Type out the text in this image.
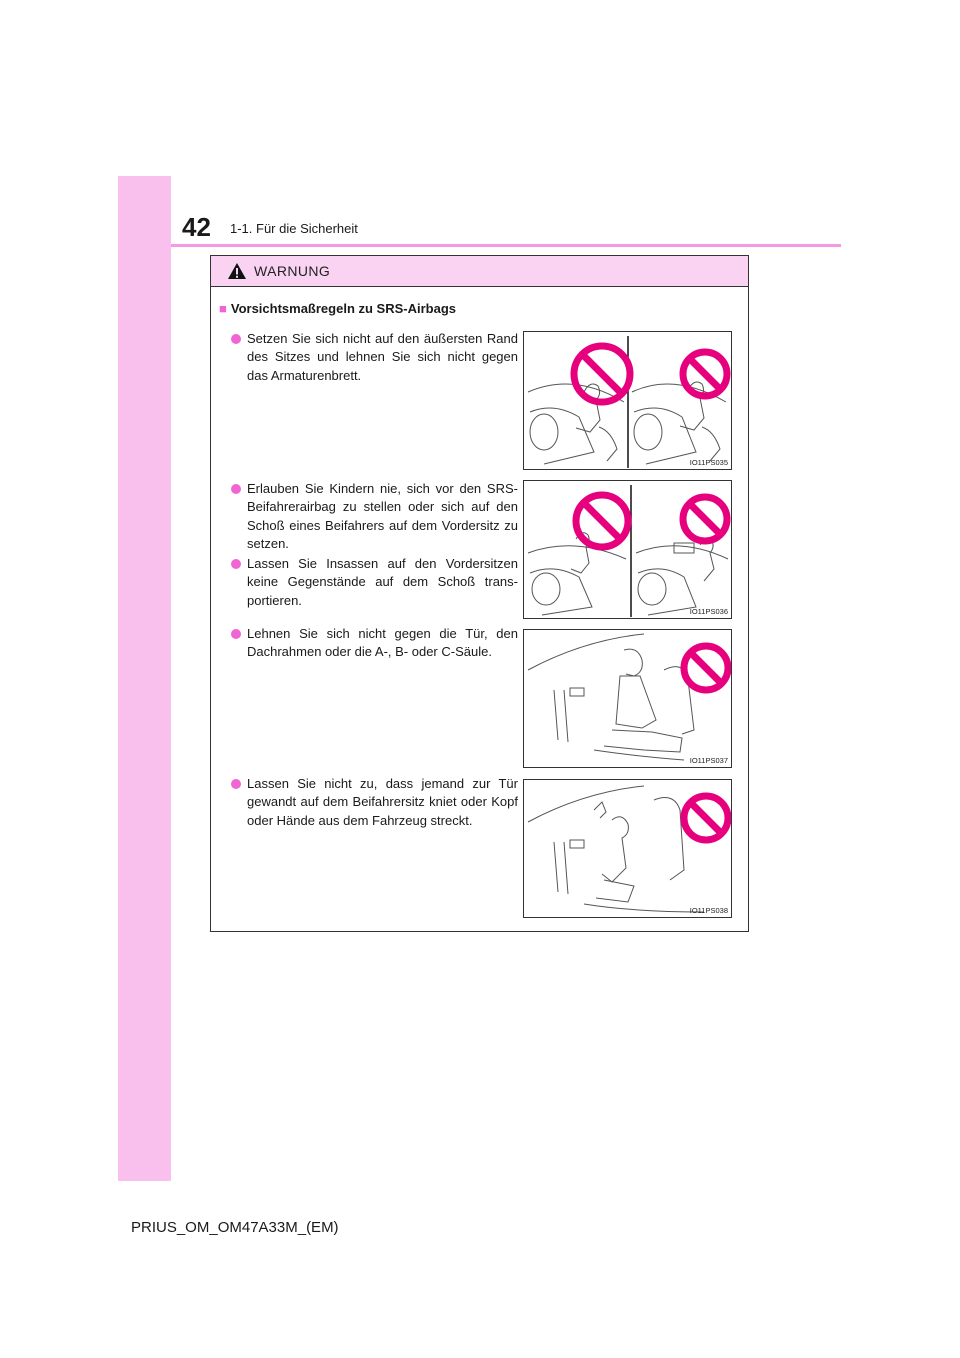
42 1-1. Für die Sicherheit
WARNUNG
■ Vorsichtsmaßregeln zu SRS-Airbags
Setzen Sie sich nicht auf den äußersten Rand des Sitzes und lehnen Sie sich nicht gegen das Armaturenbrett.
Erlauben Sie Kindern nie, sich vor den SRS-Beifahrerairbag zu stellen oder sich auf den Schoß eines Beifahrers auf dem Vordersitz zu setzen.
Lassen Sie Insassen auf den Vordersitzen keine Gegenstände auf dem Schoß trans-portieren.
Lehnen Sie sich nicht gegen die Tür, den Dachrahmen oder die A-, B- oder C-Säule.
Lassen Sie nicht zu, dass jemand zur Tür gewandt auf dem Beifahrersitz kniet oder Kopf oder Hände aus dem Fahrzeug streckt.
IO11PS035
IO11PS036
IO11PS037
IO11PS038
PRIUS_OM_OM47A33M_(EM)
